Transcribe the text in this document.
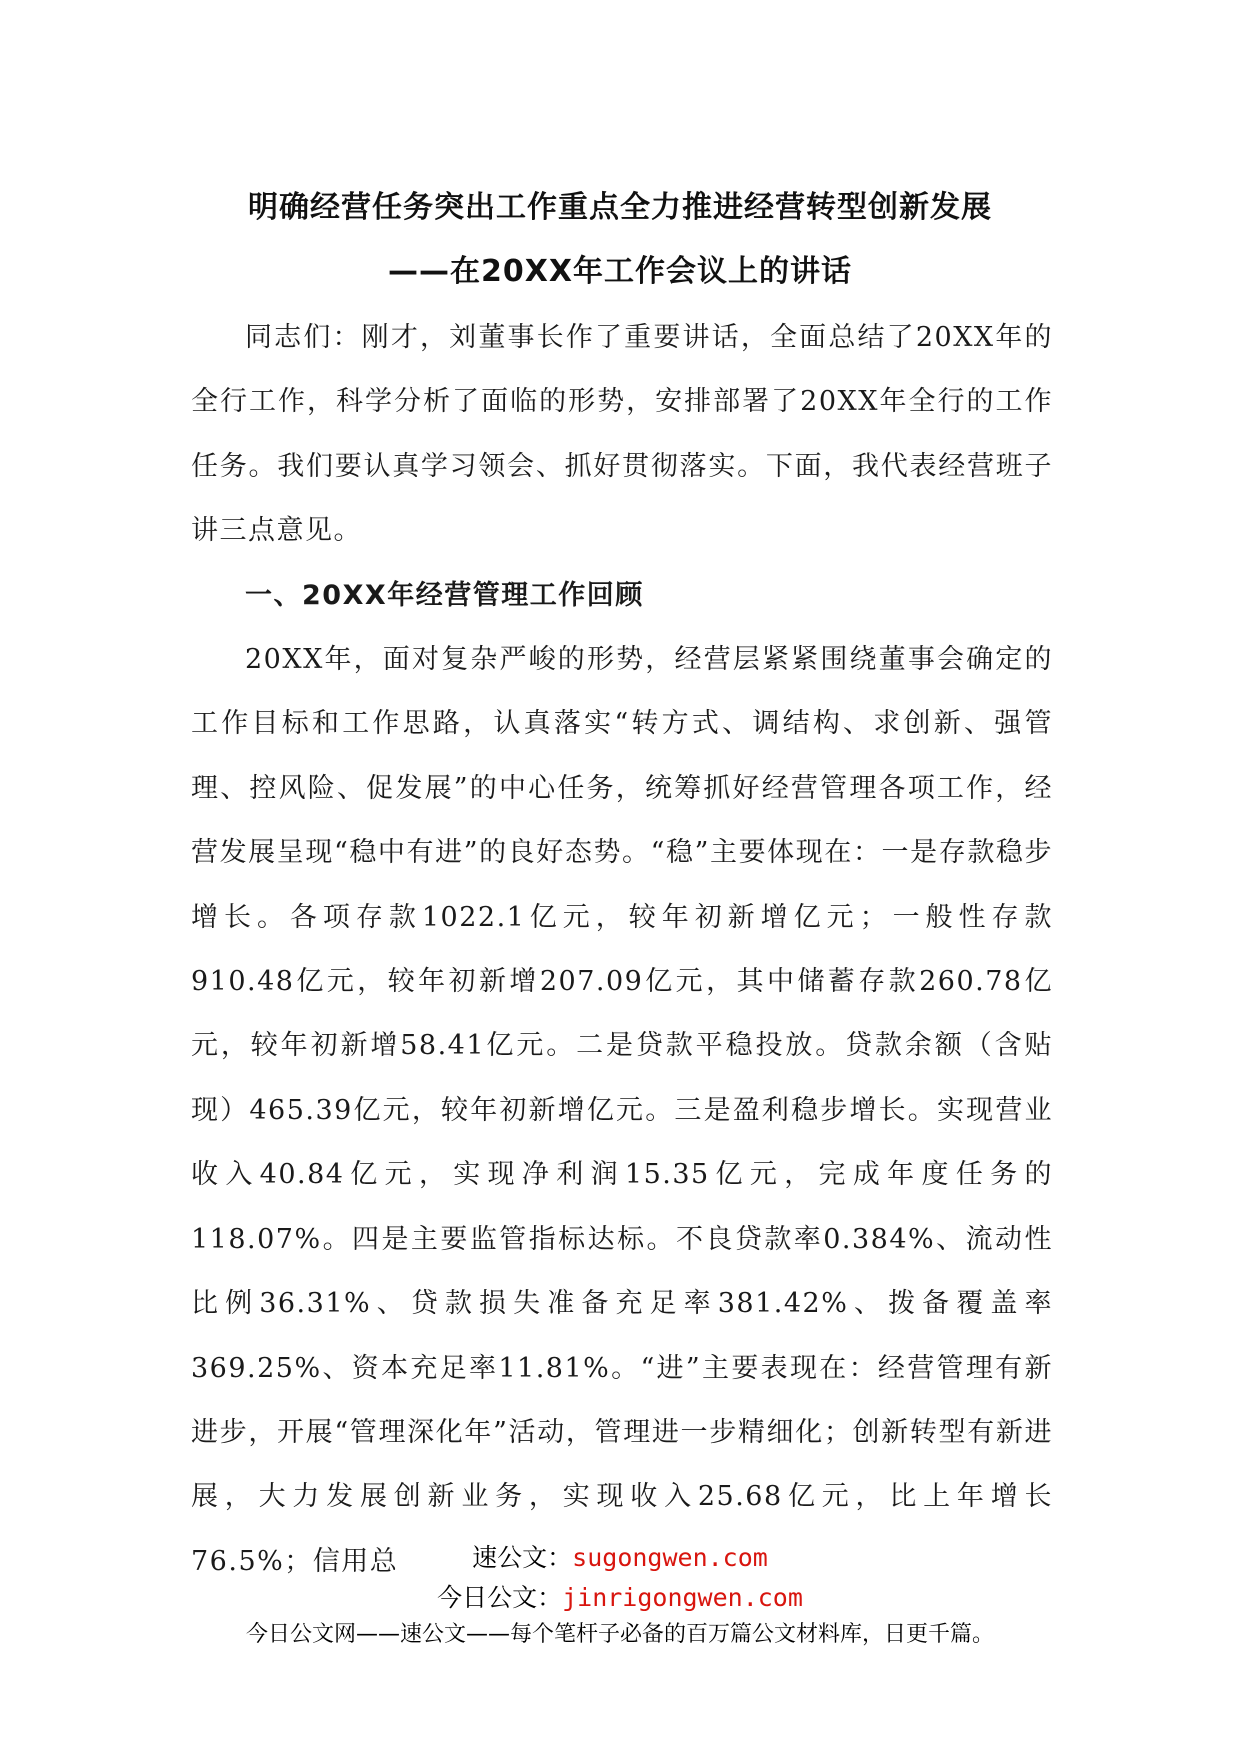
明确经营任务突出工作重点全力推进经营转型创新发展
——在20XX年工作会议上的讲话

同志们：刚才，刘董事长作了重要讲话，全面总结了20XX年的全行工作，科学分析了面临的形势，安排部署了20XX年全行的工作任务。我们要认真学习领会、抓好贯彻落实。下面，我代表经营班子讲三点意见。

一、20XX年经营管理工作回顾

20XX年，面对复杂严峻的形势，经营层紧紧围绕董事会确定的工作目标和工作思路，认真落实“转方式、调结构、求创新、强管理、控风险、促发展”的中心任务，统筹抓好经营管理各项工作，经营发展呈现“稳中有进”的良好态势。“稳”主要体现在：一是存款稳步增长。各项存款1022.1亿元，较年初新增亿元；一般性存款910.48亿元，较年初新增207.09亿元，其中储蓄存款260.78亿元，较年初新增58.41亿元。二是贷款平稳投放。贷款余额（含贴现）465.39亿元，较年初新增亿元。三是盈利稳步增长。实现营业收入40.84亿元，实现净利润15.35亿元，完成年度任务的118.07%。四是主要监管指标达标。不良贷款率0.384%、流动性比例36.31%、贷款损失准备充足率381.42%、拨备覆盖率369.25%、资本充足率11.81%。“进”主要表现在：经营管理有新进步，开展“管理深化年”活动，管理进一步精细化；创新转型有新进展，大力发展创新业务，实现收入25.68亿元，比上年增长76.5%；信用总	速公文：sugongwen.com
今日公文：jinrigongwen.com
今日公文网——速公文——每个笔杆子必备的百万篇公文材料库，日更千篇。
